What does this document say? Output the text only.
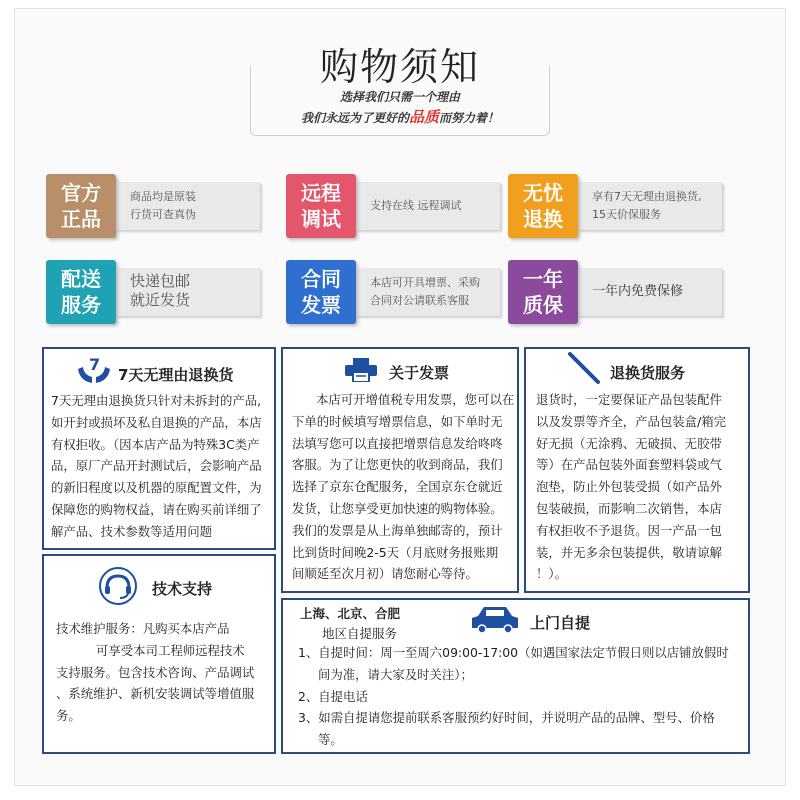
购物须知
选择我们只需一个理由
我们永远为了更好的品质而努力着！
官方
正品
商品均是原装
行货可查真伪
远程
调试
支持在线 远程调试
无忧
退换
享有7天无理由退换货,
15天价保服务
配送
服务
快递包邮
就近发货
合同
发票
本店可开具增票、采购
合同对公请联系客服
一年
质保
一年内免费保修
7
7天无理由退换货
7天无理由退换货只针对未拆封的产品,
如开封或损坏及私自退换的产品，本店
有权拒收。（因本店产品为特殊3C类产
品，原厂产品开封测试后，会影响产品
的新旧程度以及机器的原配置文件，为
保障您的购物权益，请在购买前详细了
解产品、技术参数等适用问题
关于发票
本店可开增值税专用发票，您可以在
下单的时候填写增票信息，如下单时无
法填写您可以直接把增票信息发给咚咚
客服。为了让您更快的收到商品，我们
选择了京东仓配服务，全国京东仓就近
发货，让您享受更加快速的购物体验。
我们的发票是从上海单独邮寄的，预计
比到货时间晚2-5天（月底财务报账期
间顺延至次月初）请您耐心等待。
退换货服务
退货时，一定要保证产品包装配件
以及发票等齐全，产品包装盒/箱完
好无损（无涂鸦、无破损、无胶带
等）在产品包装外面套塑料袋或气
泡垫，防止外包装受损（如产品外
包装破损，而影响二次销售，本店
有权拒收不予退货。因一产品一包
装，并无多余包装提供，敬请谅解
！）。
技术支持
技术维护服务：凡购买本店产品
可享受本司工程师远程技术
支持服务。包含技术咨询、产品调试
、系统维护、新机安装调试等增值服
务。
上海、北京、合肥
地区自提服务
上门自提
1、自提时间：周一至周六09:00-17:00（如遇国家法定节假日则以店铺放假时
间为准，请大家及时关注）；
2、自提电话
3、如需自提请您提前联系客服预约好时间，并说明产品的品牌、型号、价格
等。
